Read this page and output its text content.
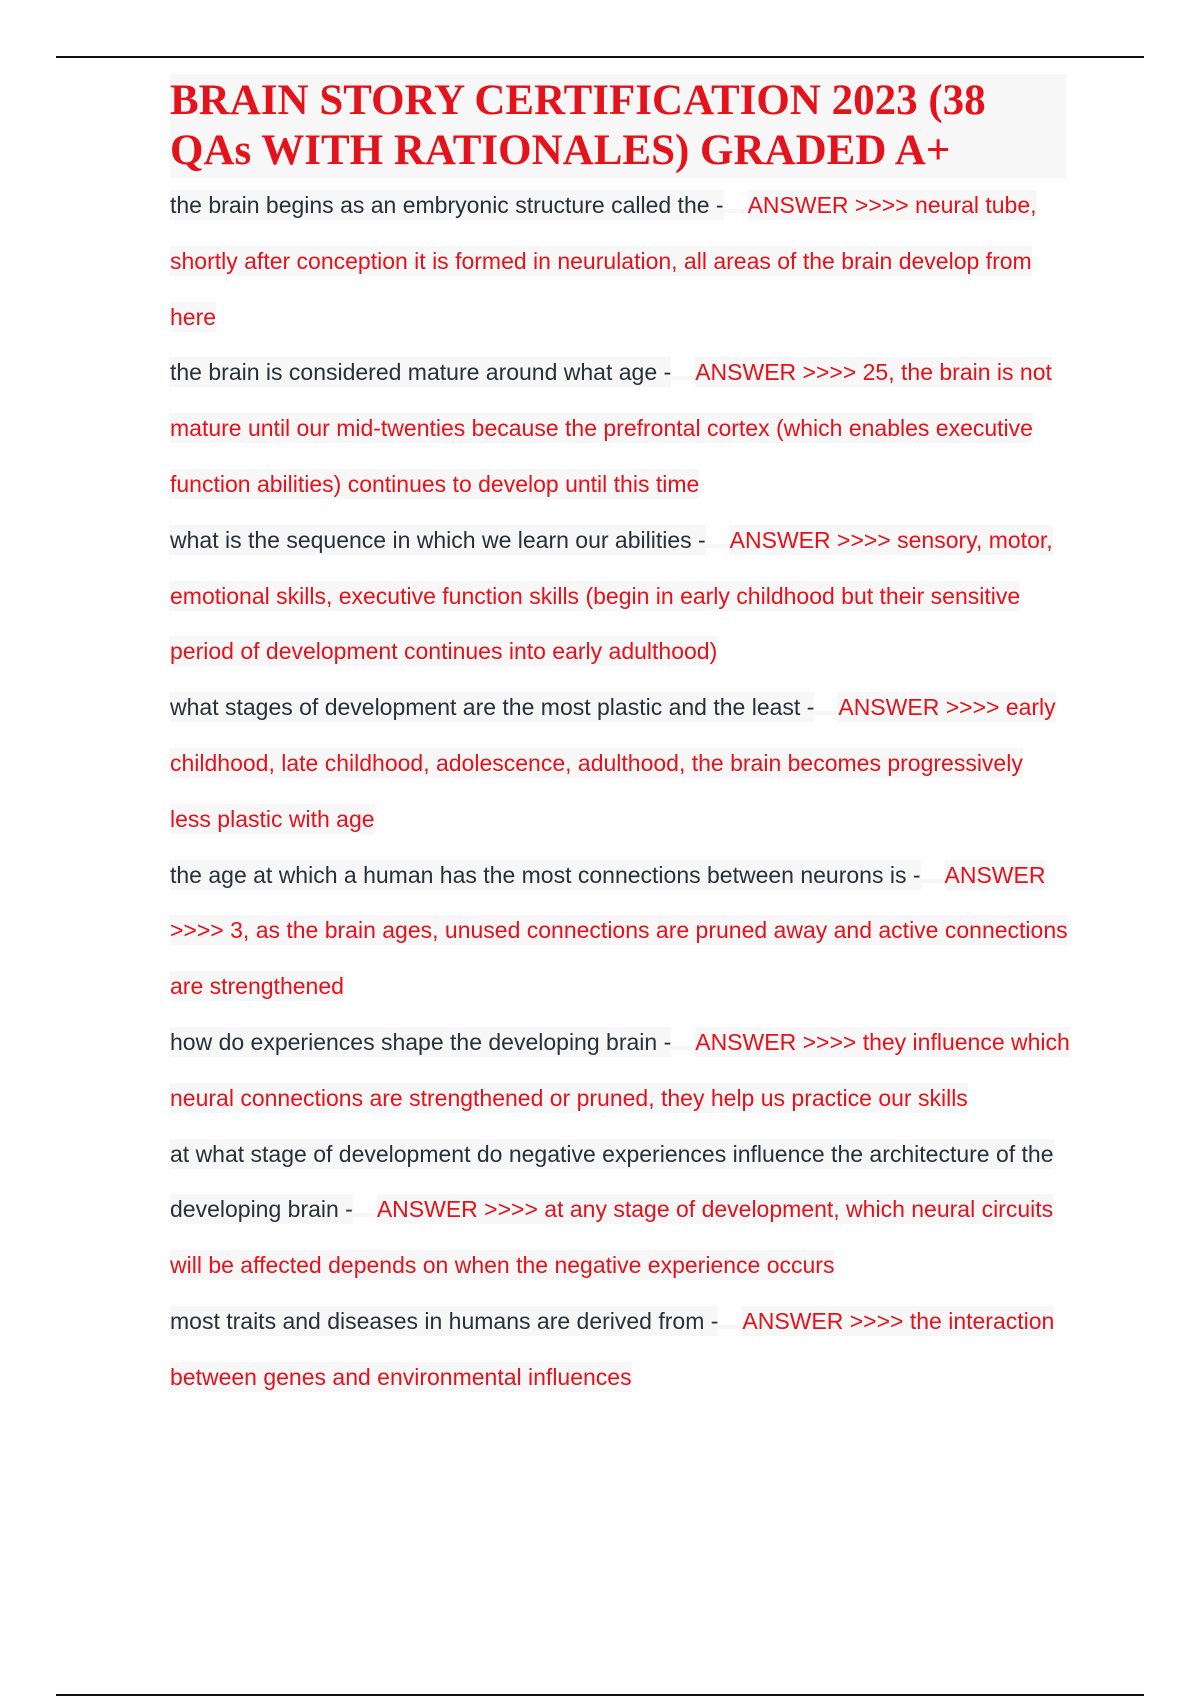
BRAIN STORY CERTIFICATION 2023 (38 QAs WITH RATIONALES) GRADED A+

the brain begins as an embryonic structure called the - ANSWER >>>> neural tube, shortly after conception it is formed in neurulation, all areas of the brain develop from here

the brain is considered mature around what age - ANSWER >>>> 25, the brain is not mature until our mid-twenties because the prefrontal cortex (which enables executive function abilities) continues to develop until this time

what is the sequence in which we learn our abilities - ANSWER >>>> sensory, motor, emotional skills, executive function skills (begin in early childhood but their sensitive period of development continues into early adulthood)

what stages of development are the most plastic and the least - ANSWER >>>> early childhood, late childhood, adolescence, adulthood, the brain becomes progressively less plastic with age

the age at which a human has the most connections between neurons is - ANSWER >>>> 3, as the brain ages, unused connections are pruned away and active connections are strengthened

how do experiences shape the developing brain - ANSWER >>>> they influence which neural connections are strengthened or pruned, they help us practice our skills

at what stage of development do negative experiences influence the architecture of the developing brain - ANSWER >>>> at any stage of development, which neural circuits will be affected depends on when the negative experience occurs

most traits and diseases in humans are derived from - ANSWER >>>> the interaction between genes and environmental influences
